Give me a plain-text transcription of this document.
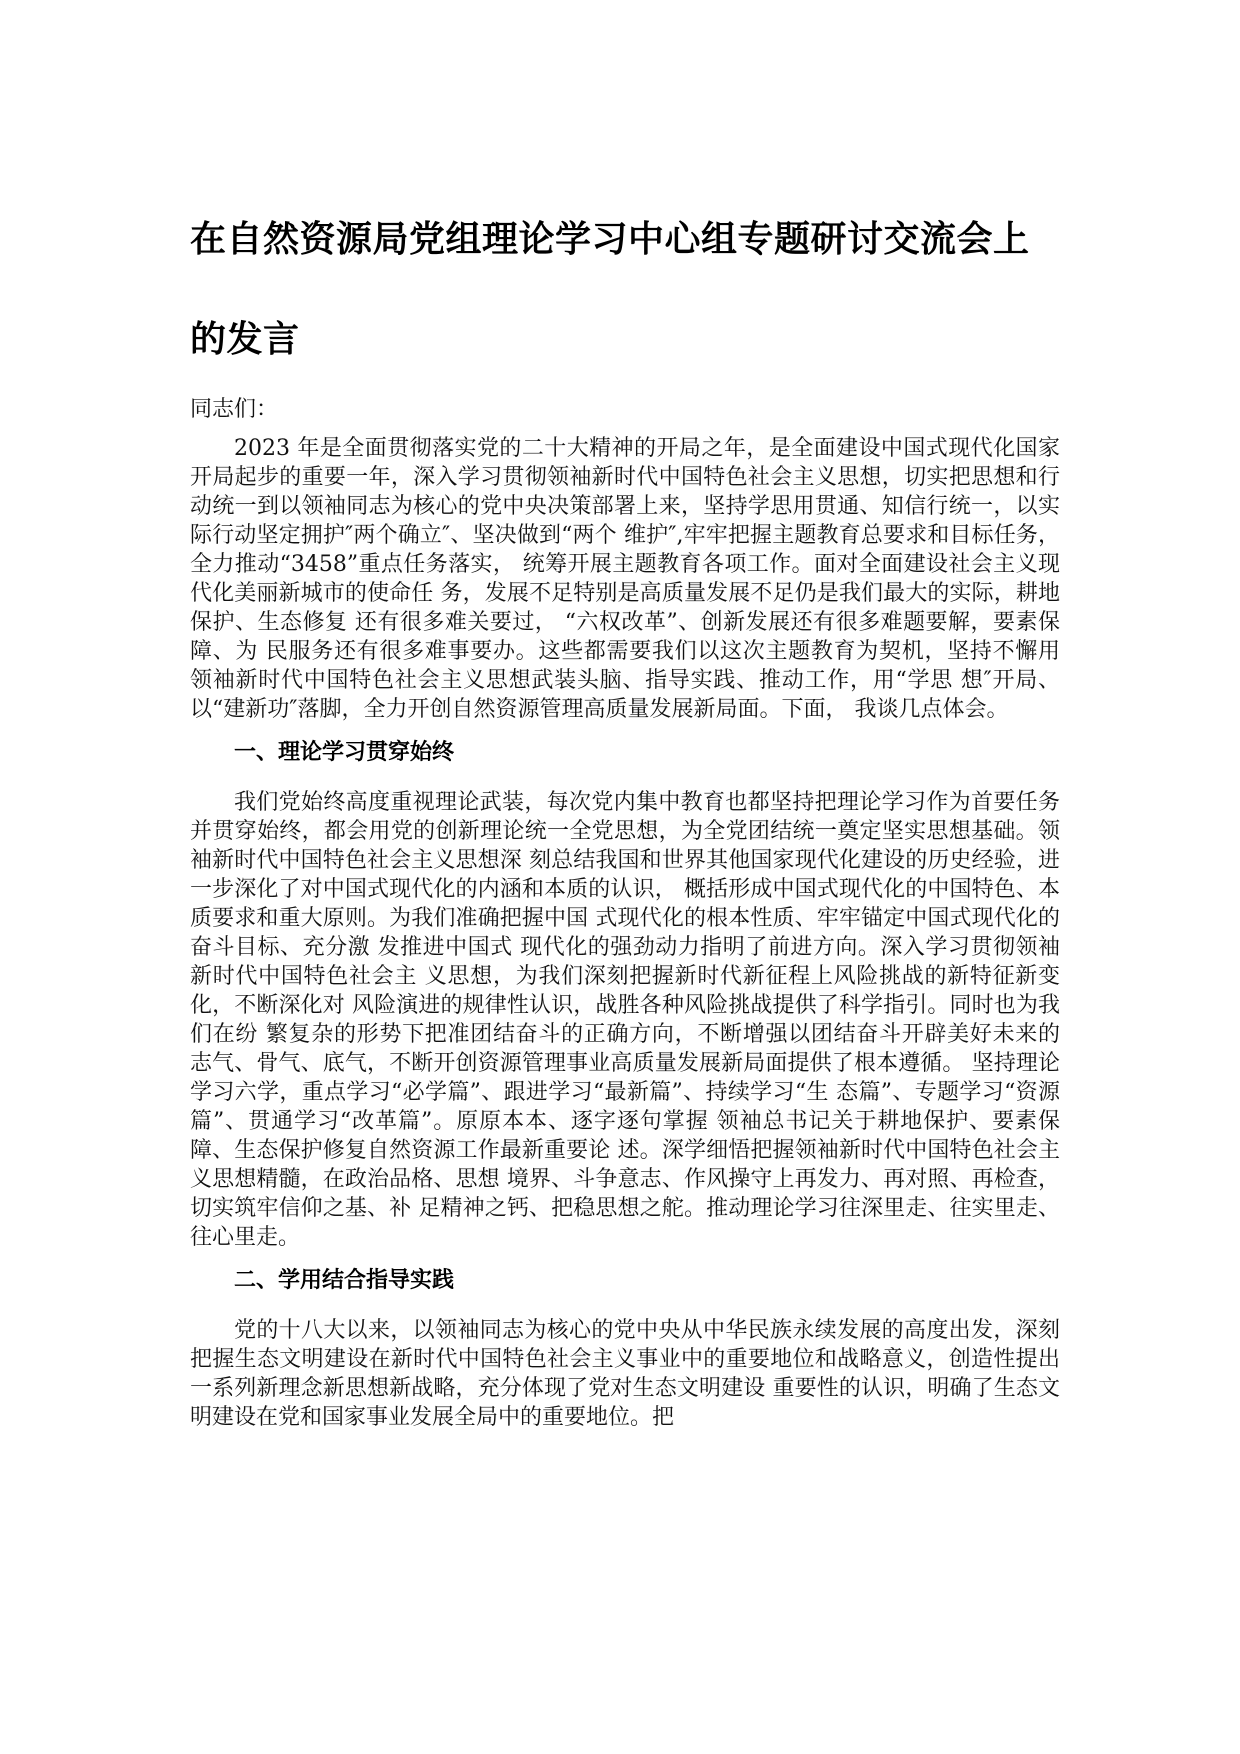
在自然资源局党组理论学习中心组专题研讨交流会上的发言

同志们：

2023 年是全面贯彻落实党的二十大精神的开局之年，是全面建设中国式现代化国家开局起步的重要一年，深入学习贯彻领袖新时代中国特色社会主义思想，切实把思想和行动统一到以领袖同志为核心的党中央决策部署上来，坚持学思用贯通、知信行统一，以实际行动坚定拥护″两个确立″、坚决做到“两个 维护″,牢牢把握主题教育总要求和目标任务，全力推动“3458”重点任务落实， 统筹开展主题教育各项工作。面对全面建设社会主义现代化美丽新城市的使命任 务，发展不足特别是高质量发展不足仍是我们最大的实际，耕地保护、生态修复 还有很多难关要过， “六权改革”、创新发展还有很多难题要解，要素保障、为 民服务还有很多难事要办。这些都需要我们以这次主题教育为契机，坚持不懈用 领袖新时代中国特色社会主义思想武装头脑、指导实践、推动工作，用“学思 想″开局、以“建新功″落脚，全力开创自然资源管理高质量发展新局面。下面， 我谈几点体会。

一、理论学习贯穿始终

我们党始终高度重视理论武装，每次党内集中教育也都坚持把理论学习作为首要任务并贯穿始终，都会用党的创新理论统一全党思想，为全党团结统一奠定坚实思想基础。领袖新时代中国特色社会主义思想深 刻总结我国和世界其他国家现代化建设的历史经验，进一步深化了对中国式现代化的内涵和本质的认识， 概括形成中国式现代化的中国特色、本质要求和重大原则。为我们准确把握中国 式现代化的根本性质、牢牢锚定中国式现代化的奋斗目标、充分激 发推进中国式 现代化的强劲动力指明了前进方向。深入学习贯彻领袖新时代中国特色社会主 义思想，为我们深刻把握新时代新征程上风险挑战的新特征新变化，不断深化对 风险演进的规律性认识，战胜各种风险挑战提供了科学指引。同时也为我们在纷 繁复杂的形势下把准团结奋斗的正确方向，不断增强以团结奋斗开辟美好未来的 志气、骨气、底气，不断开创资源管理事业高质量发展新局面提供了根本遵循。 坚持理论学习六学，重点学习“必学篇”、跟进学习“最新篇”、持续学习“生 态篇”、专题学习“资源篇”、贯通学习“改革篇”。原原本本、逐字逐句掌握 领袖总书记关于耕地保护、要素保障、生态保护修复自然资源工作最新重要论 述。深学细悟把握领袖新时代中国特色社会主义思想精髓，在政治品格、思想 境界、斗争意志、作风操守上再发力、再对照、再检查，切实筑牢信仰之基、补 足精神之钙、把稳思想之舵。推动理论学习往深里走、往实里走、往心里走。

二、学用结合指导实践

党的十八大以来，以领袖同志为核心的党中央从中华民族永续发展的高度出发，深刻把握生态文明建设在新时代中国特色社会主义事业中的重要地位和战略意义，创造性提出一系列新理念新思想新战略，充分体现了党对生态文明建设 重要性的认识，明确了生态文明建设在党和国家事业发展全局中的重要地位。把
